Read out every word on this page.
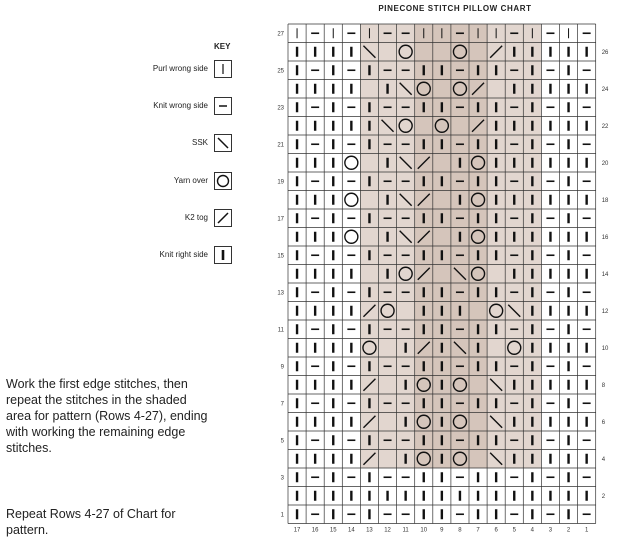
PINECONE STITCH PILLOW CHART
KEY
Purl wrong side
Knit wrong side
SSK
Yarn over
K2 tog
Knit right side
Work the first edge stitches, then repeat the stitches in the shaded area for pattern (Rows 4-27), ending with working the remaining edge stitches.
Repeat Rows 4-27 of Chart for pattern.	17 16 15 14 13 12 11 10 9 8 7 6 5 4 3 2 1
27
25
23
21
19
17
15
13
11
9
7
5
3
1
26
24
22
20
18
16
14
12
10
8
6
4
2
